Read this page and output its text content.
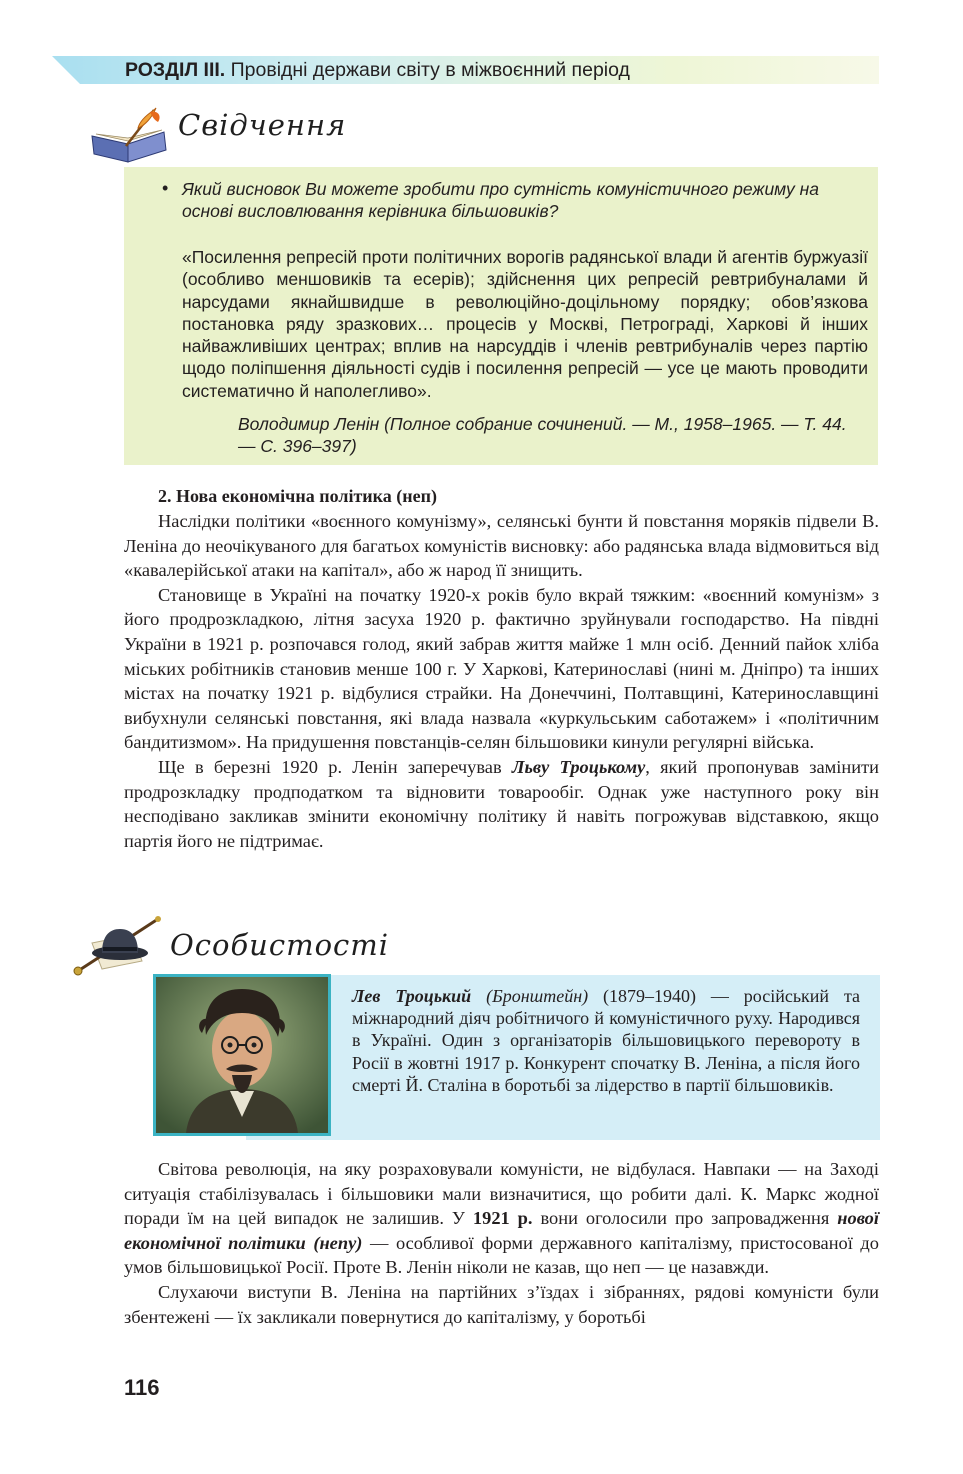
РОЗДІЛ III. Провідні держави світу в міжвоєнний період
Свідчення
• Який висновок Ви можете зробити про сутність комуністичного режиму на основі висловлювання керівника більшовиків?
«Посилення репресій проти політичних ворогів радянської влади й агентів буржуазії (особливо меншовиків та есерів); здійснення цих репресій ревтрибуналами й нарсудами якнайшвидше в революційно-доцільному порядку; обов’язкова постановка ряду зразкових… процесів у Москві, Петрограді, Харкові й інших найважливіших центрах; вплив на нарсуддів і членів ревтрибуналів через партію щодо поліпшення діяльності судів і посилення репресій — усе це мають проводити систематично й наполегливо».
Володимир Ленін (Полное собрание сочинений. — М., 1958–1965. — Т. 44. — С. 396–397)
2. Нова економічна політика (неп)

Наслідки політики «воєнного комунізму», селянські бунти й повстання моряків підвели В. Леніна до неочікуваного для багатьох комуністів висновку: або радянська влада відмовиться від «кавалерійської атаки на капітал», або ж народ її знищить.

Становище в Україні на початку 1920-х років було вкрай тяжким: «воєнний комунізм» з його продрозкладкою, літня засуха 1920 р. фактично зруйнували господарство. На півдні України в 1921 р. розпочався голод, який забрав життя майже 1 млн осіб. Денний пайок хліба міських робітників становив менше 100 г. У Харкові, Катеринославі (нині м. Дніпро) та інших містах на початку 1921 р. відбулися страйки. На Донеччині, Полтавщині, Катеринославщині вибухнули селянські повстання, які влада назвала «куркульським саботажем» і «політичним бандитизмом». На придушення повстанців-селян більшовики кинули регулярні війська.

Ще в березні 1920 р. Ленін заперечував Льву Троцькому, який пропонував замінити продрозкладку продподатком та відновити товарообіг. Однак уже наступного року він несподівано закликав змінити економічну політику й навіть погрожував відставкою, якщо партія його не підтримає.

Особистості
Лев Троцький (Бронштейн) (1879–1940) — російський та міжнародний діяч робітничого й комуністичного руху. Народився в Україні. Один з організаторів більшовицького перевороту в Росії в жовтні 1917 р. Конкурент спочатку В. Леніна, а після його смерті Й. Сталіна в боротьбі за лідерство в партії більшовиків.

Світова революція, на яку розраховували комуністи, не відбулася. Навпаки — на Заході ситуація стабілізувалась і більшовики мали визначитися, що робити далі. К. Маркс жодної поради їм на цей випадок не залишив. У 1921 р. вони оголосили про запровадження нової економічної політики (непу) — особливої форми державного капіталізму, пристосованої до умов більшовицької Росії. Проте В. Ленін ніколи не казав, що неп — це назавжди.

Слухаючи виступи В. Леніна на партійних з’їздах і зібраннях, рядові комуністи були збентежені — їх закликали повернутися до капіталізму, у боротьбі

116
